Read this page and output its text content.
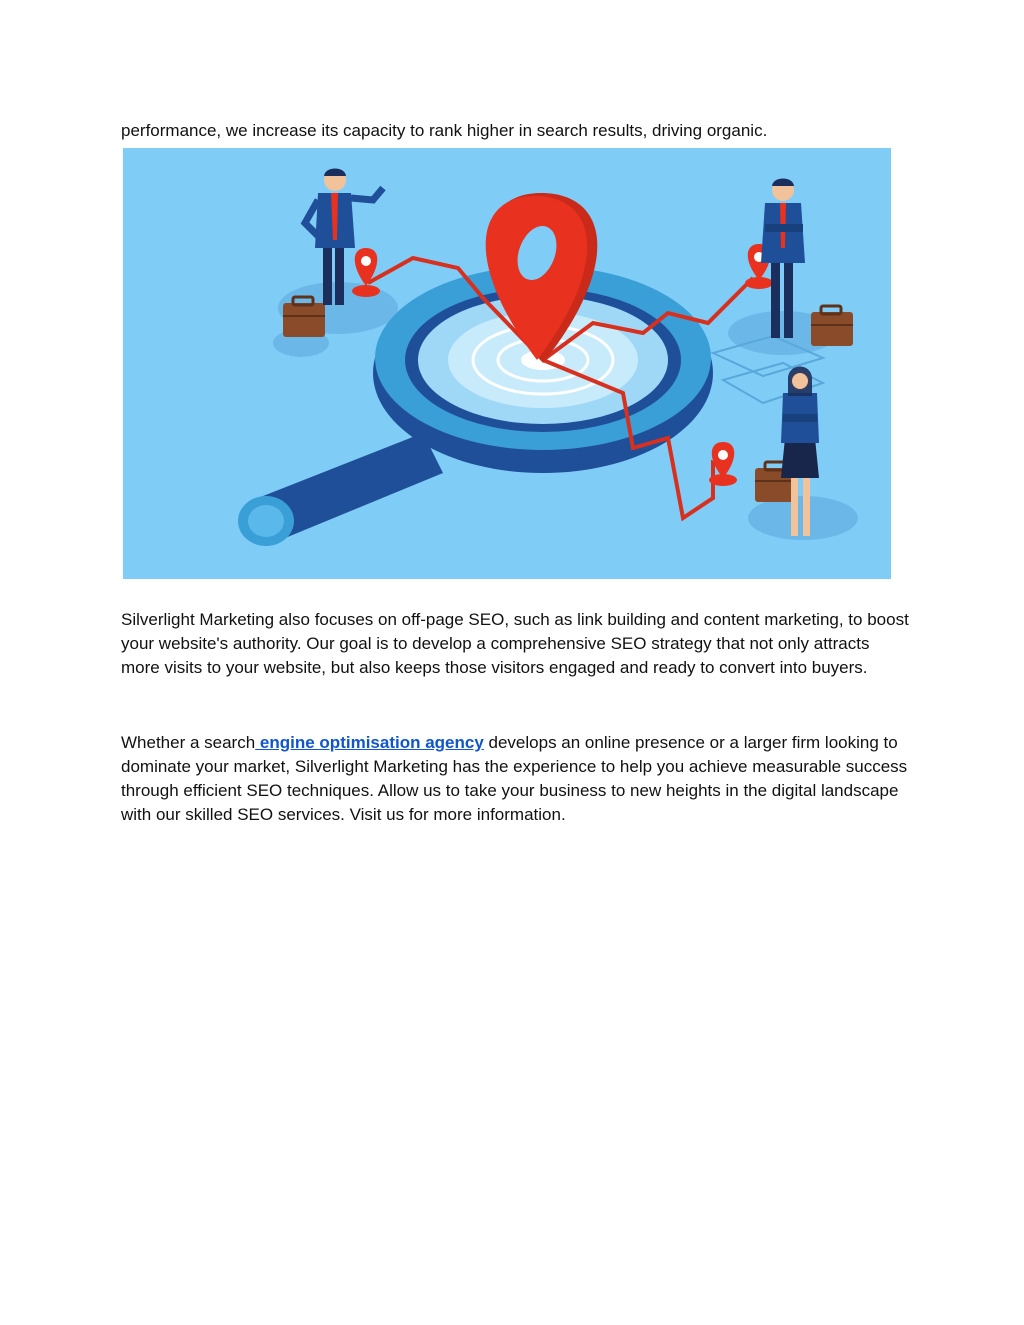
performance, we increase its capacity to rank higher in search results, driving organic.

Silverlight Marketing also focuses on off-page SEO, such as link building and content marketing, to boost your website's authority. Our goal is to develop a comprehensive SEO strategy that not only attracts more visits to your website, but also keeps those visitors engaged and ready to convert into buyers.

Whether a search engine optimisation agency develops an online presence or a larger firm looking to dominate your market, Silverlight Marketing has the experience to help you achieve measurable success through efficient SEO techniques. Allow us to take your business to new heights in the digital landscape with our skilled SEO services. Visit us for more information.
